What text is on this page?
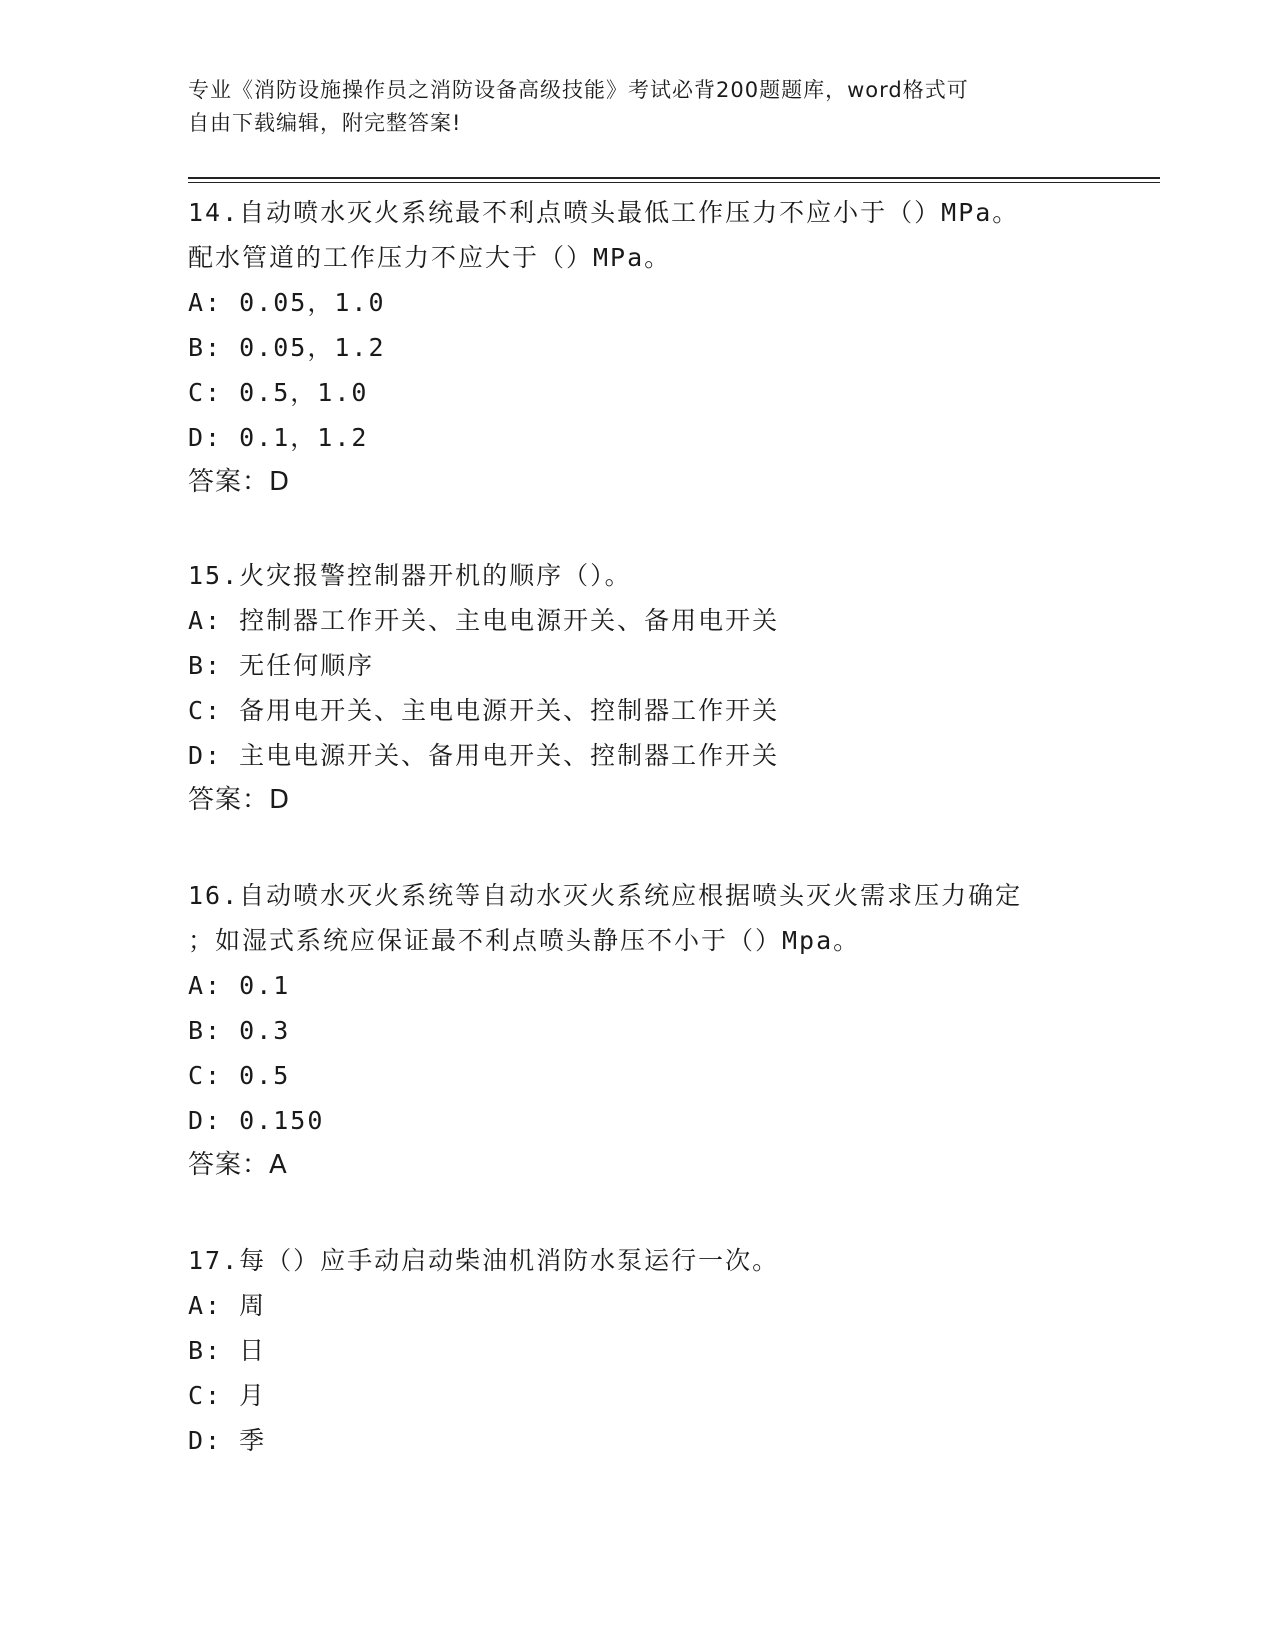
专业《消防设施操作员之消防设备高级技能》考试必背200题题库，word格式可
自由下载编辑，附完整答案!
14.自动喷水灭火系统最不利点喷头最低工作压力不应小于（）MPa。
配水管道的工作压力不应大于（）MPa。
A: 0.05，1.0
B: 0.05，1.2
C: 0.5，1.0
D: 0.1，1.2
答案：D
15.火灾报警控制器开机的顺序（）。
A: 控制器工作开关、主电电源开关、备用电开关
B: 无任何顺序
C: 备用电开关、主电电源开关、控制器工作开关
D: 主电电源开关、备用电开关、控制器工作开关
答案：D
16.自动喷水灭火系统等自动水灭火系统应根据喷头灭火需求压力确定
；如湿式系统应保证最不利点喷头静压不小于（）Mpa。
A: 0.1
B: 0.3
C: 0.5
D: 0.150
答案：A
17.每（）应手动启动柴油机消防水泵运行一次。
A: 周
B: 日
C: 月
D: 季
